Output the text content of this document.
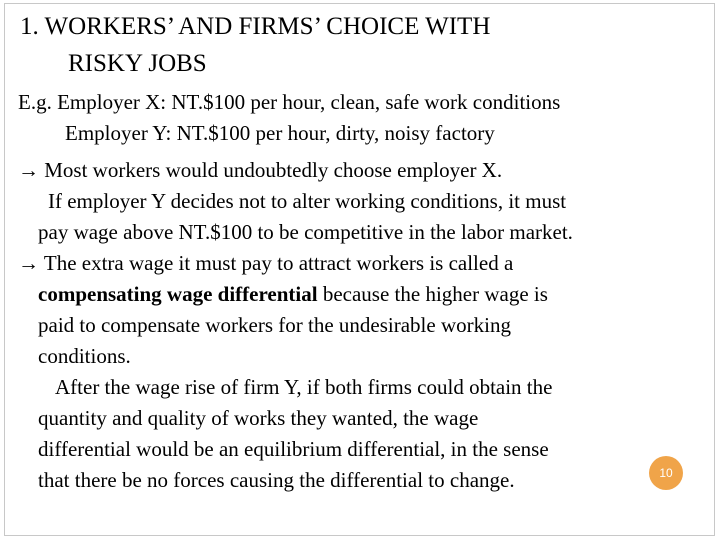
1. WORKERS’ AND FIRMS’ CHOICE WITH
RISKY JOBS
10
E.g. Employer X: NT.$100 per hour, clean, safe work conditions
Employer Y: NT.$100 per hour, dirty, noisy factory
→ Most workers would undoubtedly choose employer X.
If employer Y decides not to alter working conditions, it must
pay wage above NT.$100 to be competitive in the labor market.
→ The extra wage it must pay to attract workers is called a
compensating wage differential because the higher wage is
paid to compensate workers for the undesirable working
conditions.
After the wage rise of firm Y, if both firms could obtain the
quantity and quality of works they wanted, the wage
differential would be an equilibrium differential, in the sense
that there be no forces causing the differential to change.
